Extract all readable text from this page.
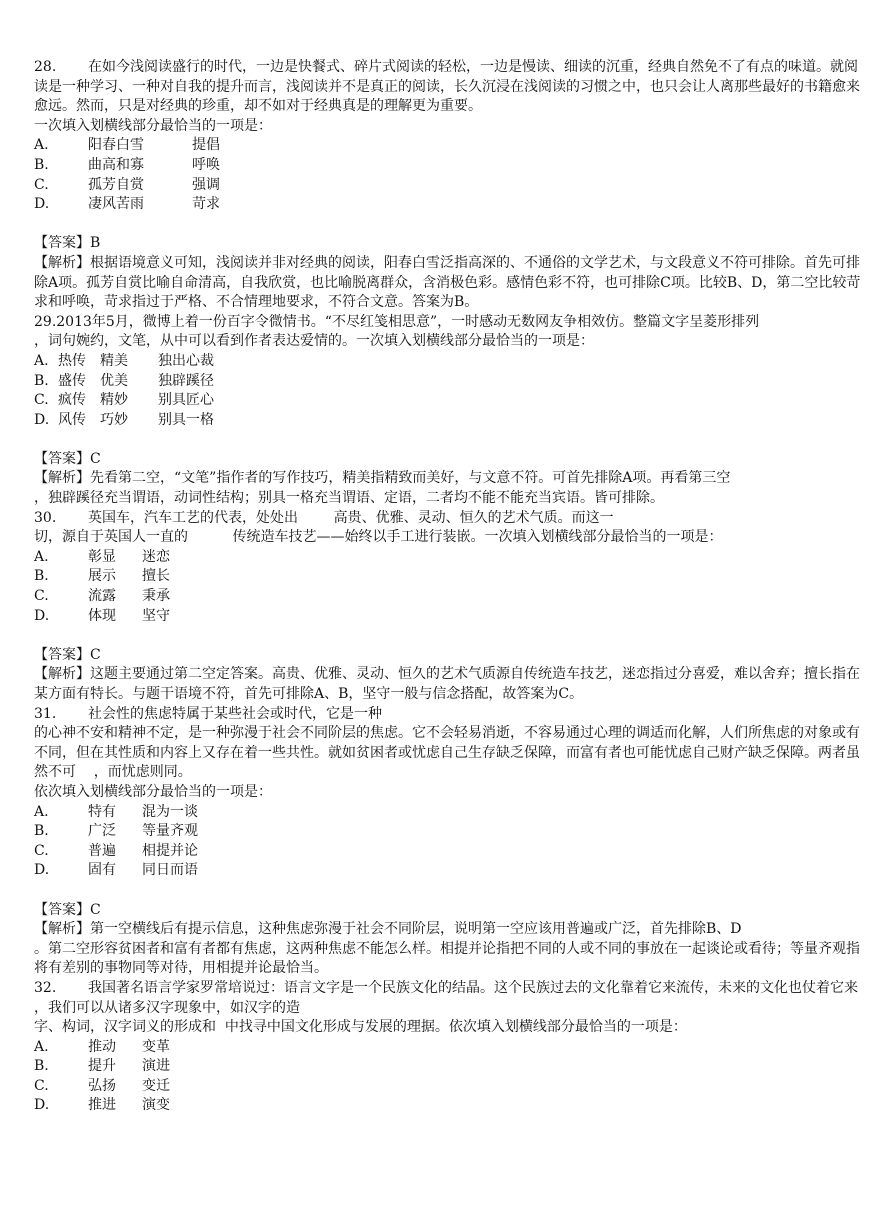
28. 在如今浅阅读盛行的时代，一边是快餐式、碎片式阅读的轻松，一边是慢读、细读的沉重，经典自然免不了有点的味道。就阅读是一种学习、一种对自我的提升而言，浅阅读并不是真正的阅读，长久沉浸在浅阅读的习惯之中，也只会让人离那些最好的书籍愈来愈远。然而，只是对经典的珍重，却不如对于经典真是的理解更为重要。

一次填入划横线部分最恰当的一项是：

A.	阳春白雪	提倡
B.	曲高和寡	呼唤
C.	孤芳自赏	强调
D.	凄风苦雨	苛求

【答案】B

【解析】根据语境意义可知，浅阅读并非对经典的阅读，阳春白雪泛指高深的、不通俗的文学艺术，与文段意义不符可排除。首先可排除A项。孤芳自赏比喻自命清高，自我欣赏，也比喻脱离群众，含消极色彩。感情色彩不符，也可排除C项。比较B、D，第二空比较苛求和呼唤，苛求指过于严格、不合情理地要求，不符合文意。答案为B。

29.2013年5月，微博上着一份百字令微情书。“不尽红笺相思意”，一时感动无数网友争相效仿。整篇文字呈菱形排列

，词句婉约，文笔，从中可以看到作者表达爱情的。一次填入划横线部分最恰当的一项是：

A. 热传 精美 独出心裁
B. 盛传 优美 独辟蹊径
C. 疯传 精妙 别具匠心
D. 风传 巧妙 别具一格

【答案】C

【解析】先看第二空，“文笔”指作者的写作技巧，精美指精致而美好，与文意不符。可首先排除A项。再看第三空

，独辟蹊径充当谓语，动词性结构；别具一格充当谓语、定语，二者均不能不能充当宾语。皆可排除。

30. 英国车，汽车工艺的代表，处处出        高贵、优雅、灵动、恒久的艺术气质。而这一

切，源自于英国人一直的          传统造车技艺——始终以手工进行装嵌。一次填入划横线部分最恰当的一项是：

A.	彰显 迷恋
B.	展示 擅长
C.	流露 秉承
D.	体现 坚守

【答案】C

【解析】这题主要通过第二空定答案。高贵、优雅、灵动、恒久的艺术气质源自传统造车技艺，迷恋指过分喜爱，难以舍弃；擅长指在某方面有特长。与题干语境不符，首先可排除A、B，坚守一般与信念搭配，故答案为C。

31. 社会性的焦虑特属于某些社会或时代，它是一种

的心神不安和精神不定，是一种弥漫于社会不同阶层的焦虑。它不会轻易消逝，不容易通过心理的调适而化解，人们所焦虑的对象或有不同，但在其性质和内容上又存在着一些共性。就如贫困者或忧虑自己生存缺乏保障，而富有者也可能忧虑自己财产缺乏保障。两者虽然不可    ，而忧虑则同。

依次填入划横线部分最恰当的一项是：

A.	特有 混为一谈
B.	广泛 等量齐观
C.	普遍 相提并论
D.	固有 同日而语

【答案】C

【解析】第一空横线后有提示信息，这种焦虑弥漫于社会不同阶层，说明第一空应该用普遍或广泛，首先排除B、D

。第二空形容贫困者和富有者都有焦虑，这两种焦虑不能怎么样。相提并论指把不同的人或不同的事放在一起谈论或看待；等量齐观指将有差别的事物同等对待，用相提并论最恰当。

32. 我国著名语言学家罗常培说过：语言文字是一个民族文化的结晶。这个民族过去的文化靠着它来流传，未来的文化也仗着它来

，我们可以从诸多汉字现象中，如汉字的造

字、构词，汉字词义的形成和  中找寻中国文化形成与发展的理据。依次填入划横线部分最恰当的一项是：

A.	推动 变革
B.	提升 演进
C.	弘扬 变迁
D.	推进 演变
